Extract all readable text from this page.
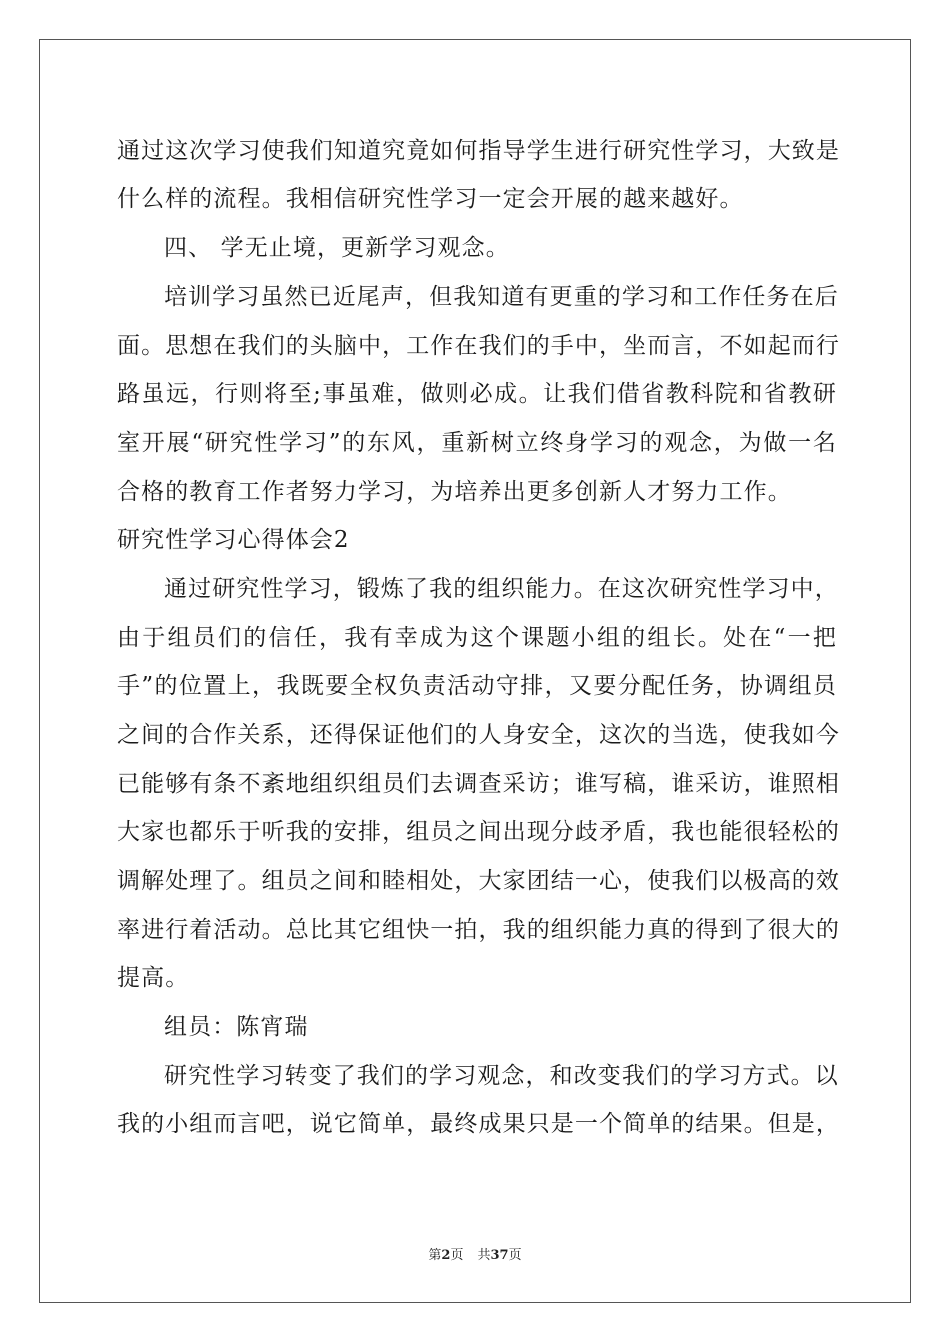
通过这次学习使我们知道究竟如何指导学生进行研究性学习，大致是
什么样的流程。我相信研究性学习一定会开展的越来越好。
四、 学无止境，更新学习观念。
培训学习虽然已近尾声，但我知道有更重的学习和工作任务在后
面。思想在我们的头脑中，工作在我们的手中，坐而言，不如起而行
路虽远，行则将至;事虽难，做则必成。让我们借省教科院和省教研
室开展“研究性学习”的东风，重新树立终身学习的观念，为做一名
合格的教育工作者努力学习，为培养出更多创新人才努力工作。
研究性学习心得体会2
通过研究性学习，锻炼了我的组织能力。在这次研究性学习中，
由于组员们的信任，我有幸成为这个课题小组的组长。处在“一把
手”的位置上，我既要全权负责活动守排，又要分配任务，协调组员
之间的合作关系，还得保证他们的人身安全，这次的当选，使我如今
已能够有条不紊地组织组员们去调查采访；谁写稿，谁采访，谁照相
大家也都乐于听我的安排，组员之间出现分歧矛盾，我也能很轻松的
调解处理了。组员之间和睦相处，大家团结一心，使我们以极高的效
率进行着活动。总比其它组快一拍，我的组织能力真的得到了很大的
提高。
组员：陈宵瑞
研究性学习转变了我们的学习观念，和改变我们的学习方式。以
我的小组而言吧，说它简单，最终成果只是一个简单的结果。但是，
第2页 共37页
